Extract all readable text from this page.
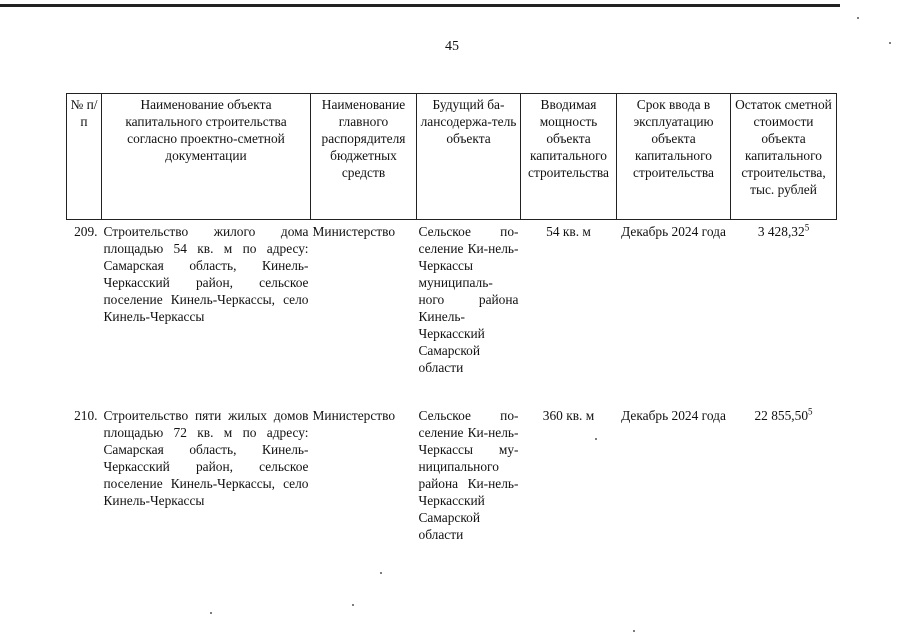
45
№ п/п	Наименование объекта капитального строительства согласно проектно-сметной документации	Наименование главного распорядителя бюджетных средств	Будущий ба-лансодержа-тель объекта	Вводимая мощность объекта капитального строительства	Срок ввода в эксплуатацию объекта капитального строительства	Остаток сметной стоимости объекта капитального строительства, тыс. рублей
209.	Строительство жилого дома площадью 54 кв. м по адресу: Самарская область, Кинель-Черкасский район, сельское поселение Кинель-Черкассы, село Кинель-Черкассы	Министерство	Сельское по-селение Ки-нель-Черкассы муниципаль-ного района Кинель-Черкасский Самарской области	54 кв. м	Декабрь 2024 года	3 428,32$^5$
210.	Строительство пяти жилых домов площадью 72 кв. м по адресу: Самарская область, Кинель-Черкасский район, сельское поселение Кинель-Черкассы, село Кинель-Черкассы	Министерство	Сельское по-селение Ки-нель-Черкассы му-ниципального района Ки-нель-Черкасский Самарской области	360 кв. м	Декабрь 2024 года	22 855,50$^5$
